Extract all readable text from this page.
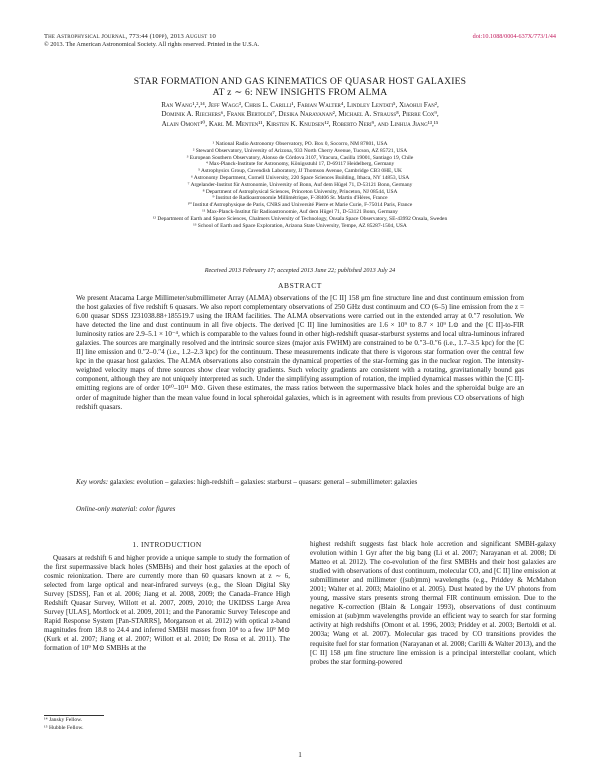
The Astrophysical Journal, 773:44 (10pp), 2013 August 10
© 2013. The American Astronomical Society. All rights reserved. Printed in the U.S.A.
doi:10.1088/0004-637X/773/1/44
STAR FORMATION AND GAS KINEMATICS OF QUASAR HOST GALAXIES
AT z ∼ 6: NEW INSIGHTS FROM ALMA
Ran Wang¹,²,¹⁴, Jeff Wagg³, Chris L. Carilli¹, Fabian Walter⁴, Lindley Lentati⁵, Xiaohui Fan²,
Dominik A. Riechers⁶, Frank Bertoldi⁷, Desika Narayanan², Michael A. Strauss⁸, Pierre Cox⁹,
Alain Omont¹⁰, Karl M. Menten¹¹, Kirsten K. Knudsen¹², Roberto Neri⁹, and Linhua Jiang¹³,¹⁵
¹ National Radio Astronomy Observatory, PO. Box 0, Socorro, NM 87801, USA
² Steward Observatory, University of Arizona, 933 North Cherry Avenue, Tucson, AZ 85721, USA
³ European Southern Observatory, Alonso de Córdova 3107, Vitacura, Casilla 19001, Santiago 19, Chile
⁴ Max-Planck-Institute for Astronomy, Königsstuhl 17, D-69117 Heidelberg, Germany
⁵ Astrophysics Group, Cavendish Laboratory, JJ Thomson Avenue, Cambridge CB3 0HE, UK
⁶ Astronomy Department, Cornell University, 220 Space Sciences Building, Ithaca, NY 14853, USA
⁷ Argelander-Institut für Astronomie, University of Bonn, Auf dem Hügel 71, D-53121 Bonn, Germany
⁸ Department of Astrophysical Sciences, Princeton University, Princeton, NJ 08544, USA
⁹ Institut de Radioastronomie Millimétrique, F-38406 St. Martin d'Hères, France
¹⁰ Institut d'Astrophysique de Paris, CNRS and Université Pierre et Marie Curie, F-75014 Paris, France
¹¹ Max-Planck-Institut für Radioastronomie, Auf dem Hügel 71, D-53121 Bonn, Germany
¹² Department of Earth and Space Sciences, Chalmers University of Technology, Onsala Space Observatory, SE-43992 Onsala, Sweden
¹³ School of Earth and Space Exploration, Arizona State University, Tempe, AZ 85287-1504, USA
Received 2013 February 17; accepted 2013 June 22; published 2013 July 24
ABSTRACT
We present Atacama Large Millimeter/submillimeter Array (ALMA) observations of the [C II] 158 μm fine structure line and dust continuum emission from the host galaxies of five redshift 6 quasars. We also report complementary observations of 250 GHz dust continuum and CO (6–5) line emission from the z = 6.00 quasar SDSS J231038.88+185519.7 using the IRAM facilities. The ALMA observations were carried out in the extended array at 0.″7 resolution. We have detected the line and dust continuum in all five objects. The derived [C II] line luminosities are 1.6 × 10⁹ to 8.7 × 10⁹ L⊙ and the [C II]-to-FIR luminosity ratios are 2.9–5.1 × 10⁻⁴, which is comparable to the values found in other high-redshift quasar-starburst systems and local ultra-luminous infrared galaxies. The sources are marginally resolved and the intrinsic source sizes (major axis FWHM) are constrained to be 0.″3–0.″6 (i.e., 1.7–3.5 kpc) for the [C II] line emission and 0.″2–0.″4 (i.e., 1.2–2.3 kpc) for the continuum. These measurements indicate that there is vigorous star formation over the central few kpc in the quasar host galaxies. The ALMA observations also constrain the dynamical properties of the star-forming gas in the nuclear region. The intensity-weighted velocity maps of three sources show clear velocity gradients. Such velocity gradients are consistent with a rotating, gravitationally bound gas component, although they are not uniquely interpreted as such. Under the simplifying assumption of rotation, the implied dynamical masses within the [C II]-emitting regions are of order 10¹⁰–10¹¹ M⊙. Given these estimates, the mass ratios between the supermassive black holes and the spheroidal bulge are an order of magnitude higher than the mean value found in local spheroidal galaxies, which is in agreement with results from previous CO observations of high redshift quasars.
Key words: galaxies: evolution – galaxies: high-redshift – galaxies: starburst – quasars: general – submillimeter: galaxies
Online-only material: color figures
1. INTRODUCTION
Quasars at redshift 6 and higher provide a unique sample to study the formation of the first supermassive black holes (SMBHs) and their host galaxies at the epoch of cosmic reionization. There are currently more than 60 quasars known at z ∼ 6, selected from large optical and near-infrared surveys (e.g., the Sloan Digital Sky Survey [SDSS], Fan et al. 2006; Jiang et al. 2008, 2009; the Canada–France High Redshift Quasar Survey, Willott et al. 2007, 2009, 2010; the UKIDSS Large Area Survey [ULAS], Mortlock et al. 2009, 2011; and the Panoramic Survey Telescope and Rapid Response System [Pan-STARRS], Morganson et al. 2012) with optical z-band magnitudes from 18.8 to 24.4 and inferred SMBH masses from 10⁸ to a few 10⁹ M⊙ (Kurk et al. 2007; Jiang et al. 2007; Willott et al. 2010; De Rosa et al. 2011). The formation of 10⁹ M⊙ SMBHs at the
highest redshift suggests fast black hole accretion and significant SMBH-galaxy evolution within 1 Gyr after the big bang (Li et al. 2007; Narayanan et al. 2008; Di Matteo et al. 2012). The co-evolution of the first SMBHs and their host galaxies are studied with observations of dust continuum, molecular CO, and [C II] line emission at submillimeter and millimeter ((sub)mm) wavelengths (e.g., Priddey & McMahon 2001; Walter et al. 2003; Maiolino et al. 2005). Dust heated by the UV photons from young, massive stars presents strong thermal FIR continuum emission. Due to the negative K-correction (Blain & Longair 1993), observations of dust continuum emission at (sub)mm wavelengths provide an efficient way to search for star forming activity at high redshifts (Omont et al. 1996, 2003; Priddey et al. 2003; Bertoldi et al. 2003a; Wang et al. 2007). Molecular gas traced by CO transitions provides the requisite fuel for star formation (Narayanan et al. 2008; Carilli & Walter 2013), and the [C II] 158 μm fine structure line emission is a principal interstellar coolant, which probes the star forming-powered
¹⁴ Jansky Fellow.
¹⁵ Hubble Fellow.
1
